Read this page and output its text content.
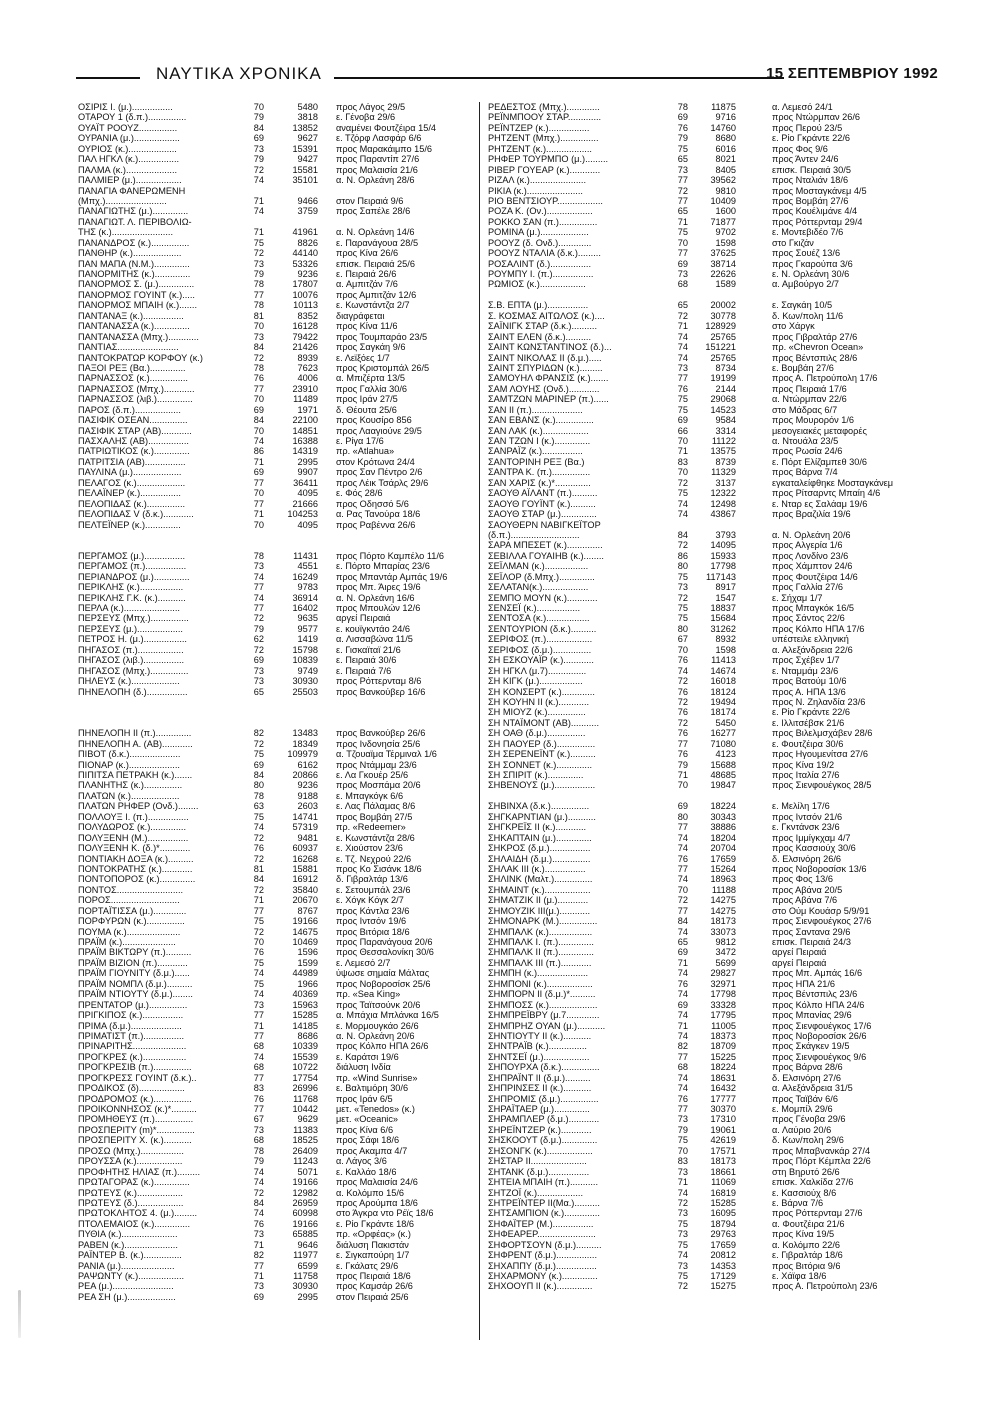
ΝΑΥΤΙΚΑ ΧΡΟΝΙΚΑ	15 ΣΕΠΤΕΜΒΡΙΟΥ 1992
ΟΣΙΡΙΣ Ι. (μ.)................	70	5480	προς Λάγος 29/5
ΟΤΑΡΟΥ 1 (δ.π.)...............	79	3818	ε. Γένοβα 29/6
ΟΥΑΪΤ ΡΟΟΥΖ...............	84	13852	αναμένει Φουτζέιρα 15/4
ΟΥΡΑΝΙΑ (μ.)..................	69	9627	ε. Τζόρφ Λασφάρ 6/6
ΟΥΡΙΟΣ (κ.)...................	73	15391	προς Μαρακάιμπο 15/6
ΠΑΛ ΗΓΚΛ (κ.)................	79	9427	προς Παραντίπ 27/6
ΠΑΛΜΑ (κ.)....................	72	15581	προς Μαλαισία 21/6
ΠΑΛΜΙΕΡ (μ.)..................	74	35101	α. Ν. Ορλεάνη 28/6
ΠΑΝΑΓΙΑ ΦΑΝΕΡΩΜΕΝΗ
(Μπχ.)........................	71	9466	στον Πειραιά 9/6
ΠΑΝΑΓΙΩΤΗΣ (μ.)..............	74	3759	προς Σαπέλε 28/6
ΠΑΝΑΓΙΩΤ. Λ. ΠΕΡΙΒΟΛΙΩ-
ΤΗΣ (κ.)........................	71	41961	α. Ν. Ορλεάνη 14/6
ΠΑΝΑΝΔΡΟΣ (κ.)...............	75	8826	ε. Παρανάγουα 28/5
ΠΑΝΘΗΡ (κ.)...................	72	44140	προς Κίνα 26/6
ΠΑΝ ΜΑΠΑ (Ν.Μ.)..............	73	53326	επισκ. Πειραιά 25/6
ΠΑΝΟΡΜΙΤΗΣ (κ.)..............	79	9236	ε. Πειραιά 26/6
ΠΑΝΟΡΜΟΣ Σ. (μ.)..............	78	17807	α. Αμπιτζάν 7/6
ΠΑΝΟΡΜΟΣ ΓΟΥΙΝΤ (κ.).....	77	10076	προς Αμπιτζάν 12/6
ΠΑΝΟΡΜΟΣ ΜΠΑΙΗ (κ.).......	78	10113	ε. Κωνστάντζα 2/7
ΠΑΝΤΑΝΑΞ (κ.)................	81	8352	διαγράφεται
ΠΑΝΤΑΝΑΣΣΑ (κ.)..............	70	16128	προς Κίνα 11/6
ΠΑΝΤΑΝΑΣΣΑ (Μπχ.)............	73	79422	προς Τουμπαράο 23/5
ΠΑΝΤΙΑΣ........................	84	21426	προς Σαγκάη 9/6
ΠΑΝΤΟΚΡΑΤΩΡ ΚΟΡΦΟΥ (κ.)	72	8939	ε. Λεϊξόες 1/7
ΠΑΞΟΙ ΡΕΞ (Βα.)..............	78	7623	προς Κριστομπάλ 26/5
ΠΑΡΝΑΣΣΟΣ (κ.)...............	76	4006	α. Μπιζέρτα 13/5
ΠΑΡΝΑΣΣΟΣ (Μπχ.)............	77	23910	προς Γαλλία 30/6
ΠΑΡΝΑΣΣΟΣ (λιβ.)..............	70	11489	προς Ιράν 27/5
ΠΑΡΟΣ (δ.π.)..................	69	1971	δ. Θέουτα 25/6
ΠΑΣΙΦΙΚ ΟΣΕΑΝ...............	84	22100	προς Κουσίρο 856
ΠΑΣΙΦΙΚ ΣΤΑΡ (ΑΒ)............	70	14851	προς Λααγιούνε 29/5
ΠΑΣΧΑΛΗΣ (ΑΒ)................	74	16388	ε. Ρίγα 17/6
ΠΑΤΡΙΩΤΙΚΟΣ (κ.)..............	86	14319	πρ. «Atlahua»
ΠΑΤΡΙΤΣΙΑ (ΑΒ)................	71	2995	στον Κρότωνα 24/4
ΠΑΥΛΙΝΑ (μ.)...................	69	9907	προς Σαν Πέντρο 2/6
ΠΕΛΑΓΟΣ (κ.)...................	77	36411	προς Λέικ Τσάρλς 29/6
ΠΕΛΑΪΝΕΡ (κ.)................	70	4095	ε. Φός 28/6
ΠΕΛΟΠΙΔΑΣ (κ.)...............	77	21666	προς Οδησσό 5/6
ΠΕΛΟΠΙΔΑΣ V (δ.κ.)............	71	104253	α. Ρας Τανούρα 18/6
ΠΕΛΤΕΪΝΕΡ (κ.)..............	70	4095	προς Ραβέννα 26/6
ΠΕΡΓΑΜΟΣ (μ.)................	78	11431	προς Πόρτο Καμπέλο 11/6
ΠΕΡΓΑΜΟΣ (π.)................	73	4551	ε. Πόρτο Μπαρίας 23/6
ΠΕΡΙΑΝΔΡΟΣ (μ.)..............	74	16249	προς Μπαντάρ Αμπάς 19/6
ΠΕΡΙΚΛΗΣ (κ.).................	77	9783	προς Μπ. Άιρες 19/6
ΠΕΡΙΚΛΗΣ Γ.Κ. (κ.)...........	74	36914	α. Ν. Ορλεάνη 16/6
ΠΕΡΛΑ (κ.)......................	77	16402	προς Μπουλών 12/6
ΠΕΡΣΕΥΣ (Μπχ.)...............	72	9635	αργεί Πειραιά
ΠΕΡΣΕΥΣ (μ.)..................	79	9577	ε. κουϊγκντάο 24/6
ΠΕΤΡΟΣ Η. (μ.).................	62	1419	α. Λισσαβώνα 11/5
ΠΗΓΑΣΟΣ (π.)..................	72	15798	ε. Γισκαϊταϊ 21/6
ΠΗΓΑΣΟΣ (λιβ.)................	69	10839	ε. Πειραιά 30/6
ΠΗΓΑΣΟΣ (Μπχ.)...............	73	9749	ε. Πειραιά 7/6
ΠΗΛΕΥΣ (κ.)...................	73	30930	προς Ρόττερνταμ 8/6
ΠΗΝΕΛΟΠΗ (δ.)................	65	25503	προς Βανκούβερ 16/6
ΠΗΝΕΛΟΠΗ ΙΙ (π.)..............	82	13483	προς Βανκούβερ 26/6
ΠΗΝΕΛΟΠΗ Α. (ΑΒ)............	72	18349	προς Ινδονησία 25/6
ΠΙΒΟΤ (δ.κ.)....................	75	109979	α. Τζουαϊμα Τέρμιναλ 1/6
ΠΙΟΝΑΡ (κ.)....................	69	6162	προς Ντάμμαμ 23/6
ΠΙΠΙΤΣΑ ΠΕΤΡΑΚΗ (κ.).......	84	20866	ε. Λα Γκουέρ 25/6
ΠΛΑΝΗΤΗΣ (κ.)...............	80	9236	προς Μοσπάμα 20/6
ΠΛΑΤΩΝ (κ.)...................	78	9188	ε. Μπαγκόγκ 6/6
ΠΛΑΤΩΝ ΡΗΦΕΡ (Ονδ.)........	63	2603	ε. Λας Πάλαμας 8/6
ΠΟΛΛΟΥΞ Ι. (π.)................	75	14741	προς Βομβάη 27/5
ΠΟΛΥΔΩΡΟΣ (κ.)..............	74	57319	πρ. «Redeemer»
ΠΟΛΥΞΕΝΗ (Μ.)................	72	9481	ε. Κωνστάντζα 28/6
ΠΟΛΥΞΕΝΗ Κ. (δ.)*............	76	60937	ε. Χιούστον 23/6
ΠΟΝΤΙΑΚΗ ΔΟΞΑ (κ.)..........	72	16268	ε. Τζ. Νεχρού 22/6
ΠΟΝΤΟΚΡΑΤΗΣ (κ.)............	81	15881	προς Κο Σισάνκ 18/6
ΠΟΝΤΟΠΟΡΟΣ (κ.)..............	84	16912	δ. Γιβραλτάρ 13/6
ΠΟΝΤΟΣ..........................	72	35840	ε. Σετουμπάλ 23/6
ΠΟΡΟΣ...........................	71	20670	ε. Χόγκ Κόγκ 2/7
ΠΟΡΤΑΪΤΙΣΣΑ (μ.).............	77	8767	προς Κάντλα 23/6
ΠΟΡΦΥΡΩΝ (κ.)...............	75	19166	προς Ιντσόν 19/6
ΠΟΥΜΑ (κ.).....................	72	14675	προς Βιτόρια 18/6
ΠΡΑΪΜ (κ.).....................	70	10469	προς Παρανάγουα 20/6
ΠΡΑΪΜ ΒΙΚΤΩΡΥ (π.)..........	76	1596	προς Θεσσαλονίκη 30/6
ΠΡΑΪΜ ΒΙΖΙΟΝ (π.)............	75	1599	ε. Λεμεσό 2/7
ΠΡΑΪΜ ΓΙΟΥΝΙΤΥ (δ.μ.)......	74	44989	ύψωσε σημαία Μάλτας
ΠΡΑΪΜ ΝΟΜΠΛ (δ.μ.)..........	75	1966	προς Νοβοροσίσκ 25/6
ΠΡΑΪΜ ΝΤΙΟΥΤΥ (δ.μ.)........	74	40369	πρ. «Sea King»
ΠΡΕΝΤΑΤΟΡ (μ.)...............	73	15963	προς Ταϊτσούνκ 20/6
ΠΡΙΓΚΙΠΟΣ (κ.)................	77	15285	α. Μπάχια Μπλάνκα 16/5
ΠΡΙΜΑ (δ.μ.)....................	71	14185	ε. Μορμουγκάο 26/6
ΠΡΙΜΑΤΙΣΤ (π.)................	77	8686	α. Ν. Ορλεάνη 20/6
ΠΡΙΝΑΡΙΤΗΣ.....................	68	10339	προς Κόλπο ΗΠΑ 26/6
ΠΡΟΓΚΡΕΣ (κ.).................	74	15539	ε. Καράτσι 19/6
ΠΡΟΓΚΡΕΣΙΒ (π.)...............	68	10722	διάλυση Ινδία
ΠΡΟΓΚΡΕΣΣ ΓΟΥΙΝΤ (δ.κ.)..	77	17754	πρ. «Wind Sunrise»
ΠΡΟΔΙΚΟΣ (δ)..................	83	26996	ε. Βαλτιμόρη 30/6
ΠΡΟΔΡΟΜΟΣ (κ.)...............	76	11768	προς Ιράν 6/5
ΠΡΟΙΚΟΝΝΗΣΟΣ (κ.)*..........	77	10442	μετ. «Tenedos» (κ.)
ΠΡΟΜΗΘΕΥΣ (π.)...............	67	9629	μετ. «Oceanic»
ΠΡΟΣΠΕΡΙΤΥ (m)*...............	73	11383	προς Κίνα 6/6
ΠΡΟΣΠΕΡΙΤΥ Χ. (κ.)...........	68	18525	προς Σάφι 18/6
ΠΡΟΣΩ (Μπχ.).................	78	26409	προς Ακαμπα 4/7
ΠΡΟΥΣΣΑ (κ.)..................	79	11243	α. Λάγος 3/6
ΠΡΟΦΗΤΗΣ ΗΛΙΑΣ (π.).........	74	5071	ε. Καλλάο 18/6
ΠΡΩΤΑΓΟΡΑΣ (κ.)..............	74	19166	προς Μαλαισία 24/6
ΠΡΩΤΕΥΣ (κ.)..................	72	12982	α. Κολόμπο 15/6
ΠΡΩΤΕΥΣ (δ.)..................	84	26959	προς Αρούμπα 18/6
ΠΡΩΤΟΚΛΗΤΟΣ 4. (μ.).........	74	60998	στο Άγκρα ντο Ρέϊς 18/6
ΠΤΟΛΕΜΑΙΟΣ (κ.)..............	76	19166	ε. Ρίο Γκράντε 18/6
ΠΥΘΙΑ (κ.)......................	73	65885	πρ. «Ορφέας» (κ.)
ΡΑΒΕΝ (κ.).....................	71	9646	διάλυση Πακιστάν
ΡΑΪΝΤΕΡ Β. (κ.)...............	82	11977	ε. Σιγκαπούρη 1/7
ΡΑΝΙΑ (μ.).....................	77	6599	ε. Γκάλατς 29/6
ΡΑΨΩΝΤΥ (κ.)..................	71	11758	προς Πειραιά 18/6
ΡΕΑ (μ.)........................	73	30930	προς Καμσάρ 26/6
ΡΕΑ ΣΗ (μ.)...................	69	2995	στον Πειραιά 25/6
ΡΕΔΕΣΤΟΣ (Μπχ.).............	78	11875	α. Λεμεσό 24/1
ΡΕΪΝΜΠΟΟΥ ΣΤΑΡ.............	69	9716	προς Ντώρμπαν 26/6
ΡΕΪΝΤΖΕΡ (κ.)................	76	14760	προς Περού 23/5
ΡΗΤΖΕΝΤ (Μπχ.)...............	79	8680	ε. Ρίο Γκράντε 22/6
ΡΗΤΖΕΝΤ (κ.)..................	75	6016	προς Φος 9/6
ΡΗΦΕΡ ΤΟΥΡΜΠΟ (μ.).........	65	8021	προς Άντεν 24/6
ΡΙΒΕΡ ΓΟΥΕΑΡ (κ.)............	73	8405	επισκ. Πειραιά 30/5
ΡΙΖΑΛ (κ.)......................	77	39562	προς Νταλιάν 18/6
ΡΙΚΙΑ (κ.)......................	72	9810	προς Μοσταγκάνεμ 4/5
ΡΙΟ ΒΕΝΤΣΙΟΥΡ..................	77	10409	προς Βομβάη 27/6
ΡΟΖΑ Κ. (Ον.)..................	65	1600	προς Κουέλιμάνε 4/4
ΡΟΚΚΟ ΣΑΝ (π.)...............	71	71877	προς Ρόττερνταμ 29/4
ΡΟΜΙΝΑ (μ.)...................	75	9702	ε. Μοντεβιδέο 7/6
ΡΟΟΥΖ (δ. Ονδ.).............	70	1598	στο Γκιζάν
ΡΟΟΥΖ ΝΤΑΛΙΑ (δ.κ.).........	77	37625	προς Σουέζ 13/6
ΡΟΣΑΛΙΝΤ (δ.)................	69	38714	προς Γκαρούπα 3/6
ΡΟΥΜΠΥ Ι. (π.)................	73	22626	ε. Ν. Ορλεάνη 30/6
ΡΩΜΙΟΣ (κ.)..................	68	1589	α. Αμβούργο 2/7
Σ.Β. ΕΠΤΑ (μ.)................	65	20002	ε. Σαγκάη 10/5
Σ. ΚΟΣΜΑΣ ΑΙΤΩΛΟΣ (κ.)....	72	30778	δ. Κων/πολη 11/6
ΣΑΪΝΙΓΚ ΣΤΑΡ (δ.κ.)..........	71	128929	στο Χάργκ
ΣΑΙΝΤ ΕΛΕΝ (δ.κ.)..........	74	25765	προς Γιβραλτάρ 27/6
ΣΑΙΝΤ ΚΩΝΣΤΑΝΤΙΝΟΣ (δ.)...	74	151221	πρ. «Chevron Ocean»
ΣΑΙΝΤ ΝΙΚΟΛΑΣ ΙΙ (δ.μ.).....	74	25765	προς Βέντσπιλς 28/6
ΣΑΙΝΤ ΣΠΥΡΙΔΩΝ (κ.).........	73	8734	ε. Βομβάη 27/6
ΣΑΜΟΥΗΛ ΦΡΑΝΣΙΣ (κ.).......	77	19199	προς Α. Πετρούπολη 17/6
ΣΑΜ ΛΟΥΗΣ (Ονδ.)............	76	2144	προς Πειραιά 17/6
ΣΑΜΤΖΩΝ ΜΑΡΙΝΕΡ (π.)......	75	29068	α. Ντώρμπαν 22/6
ΣΑΝ ΙΙ (π.)....................	75	14523	στο Μάδρας 6/7
ΣΑΝ ΕΒΑΝΣ (κ.)...............	69	9584	προς Μουρορόν 1/6
ΣΑΝ ΛΑΚ (κ.)..................	66	3314	μεσογειακές μεταφορές
ΣΑΝ ΤΖΩΝ Ι (κ.)..............	70	11122	α. Ντουάλα 23/5
ΣΑΝΡΑΪΖ (κ.)................	71	13575	προς Ρωσία 24/6
ΣΑΝΤΟΡΙΝΗ ΡΕΞ (Βα.)	83	8739	ε. Πόρτ Ελίζαμπεθ 30/6
ΣΑΝΤΡΑ Κ. (π.)...............	70	11329	προς Βάρνα 7/4
ΣΑΝ ΧΑΡΙΣ (κ.)*..............	72	3137	εγκαταλείφθηκε Μοσταγκάνεμ
ΣΑΟΥΘ ΑΪΛΑΝΤ (π.)..........	75	12322	προς Ρίτσαρντς Μπαίη 4/6
ΣΑΟΥΘ ΓΟΥΪΝΤ (κ.)..........	74	12498	ε. Νταρ ες Σαλάαμ 19/6
ΣΑΟΥΘ ΣΤΑΡ (μ.)..............	74	43867	προς Βραζιλία 19/6
ΣΑΟΥΘΕΡΝ ΝΑΒΙΓΚΕΪΤΟΡ
(δ.π.)...........................	84	3793	α. Ν. Ορλεάνη 20/6
ΣΑΡΑ ΜΠΕΣΕΤ (κ.)..............	72	14095	προς Αλγερία 1/6
ΣΕΒΙΛΛΑ ΓΟΥΑΙΗΒ (κ.)........	86	15933	προς Λονδίνο 23/6
ΣΕΪΛΜΑΝ (κ.).................	80	17798	προς Χάμπτον 24/6
ΣΕΪΛΟΡ (δ.Μπχ.)..............	75	117143	προς Φουτζέιρα 14/6
ΣΕΛΑΤΑΝ(κ.)..................	73	8917	προς Γαλλία 27/6
ΣΕΜΠΟ ΜΟΥΝ (κ.)............	72	1547	ε. Σήχαμ 1/7
ΣΕΝΣΕΪ (κ.).................	75	18837	προς Μπαγκόκ 16/5
ΣΕΝΤΟΣΑ (κ.).................	75	15684	προς Σάντος 22/6
ΣΕΝΤΟΥΡΙΟΝ (δ.κ.)..........	80	31262	προς Κόλπο ΗΠΑ 17/6
ΣΕΡΙΦΟΣ (π.)..................	67	8932	υπέστειλε ελληνική
ΣΕΡΙΦΟΣ (δ.μ.)...............	70	1598	α. Αλεξάνδρεια 22/6
ΣΗ ΕΣΚΟΥΑΪΡ (κ.)............	76	11413	προς Σχέβεν 1/7
ΣΗ ΗΓΚΛ (μ.7)...............	74	14674	ε. Νταμμάμ 23/6
ΣΗ ΚΙΓΚ (μ.).................	72	16018	προς Βατούμ 10/6
ΣΗ ΚΟΝΣΕΡΤ (κ.).............	76	18124	προς Α. ΗΠΑ 13/6
ΣΗ ΚΟΥΗΝ ΙΙ (κ.)............	72	19494	προς Ν. Ζηλανδία 23/6
ΣΗ ΜΙΟΥΖ (κ.)...............	76	18174	ε. Ρίο Γκράντε 22/6
ΣΗ ΝΤΑΪΜΟΝΤ (ΑΒ)...........	72	5450	ε. Ιλλιτσέβσκ 21/6
ΣΗ ΟΑΘ (δ.μ.)...............	76	16277	προς Βιλελμσχάβεν 28/6
ΣΗ ΠΑΟΥΕΡ (δ.)...............	77	71080	ε. Φουτζέιρα 30/6
ΣΗ ΣΕΡΕΝΕΪΝΤ (κ.)..........	76	4123	προς Ηγουμενίτσα 27/6
ΣΗ ΣΟΝΝΕΤ (κ.)..............	79	15688	προς Κίνα 19/2
ΣΗ ΣΠΙΡΙΤ (κ.)..............	71	48685	προς Ιταλία 27/6
ΣΗΒΕΝΟΥΣ (μ.)................	70	19847	προς Σιενφουέγκος 28/5
ΣΗΒΙΝΧΑ (δ.κ.)...............	69	18224	ε. Μελίλη 17/6
ΣΗΓΚΑΡΝΤΙΑΝ (μ.)...........	80	30343	προς Ιντσόν 21/6
ΣΗΓΚΡΕΪΣ ΙΙ (κ.)............	77	38886	ε. Γκντάνσκ 23/6
ΣΗΚΑΠΤΑΙΝ (μ.)..............	74	18204	προς Ιμμίγκχαμ 4/7
ΣΗΚΡΟΣ (δ.μ.)................	74	20704	προς Κασσιούχ 30/6
ΣΗΛΑΙΔΗ (δ.μ.)...............	76	17659	δ. Ελσινόρη 26/6
ΣΗΛΑΚ ΙΙΙ (κ.)................	77	15264	προς Νοβοροσίσκ 13/6
ΣΗΛΙΝΚ (Μαλτ.)...............	74	18963	προς Φος 13/6
ΣΗΜΑΙΝΤ (κ.)..................	70	11188	προς Αβάνα 20/5
ΣΗΜΑΤΖΙΚ ΙΙ (μ.)............	72	14275	προς Αβάνα 7/6
ΣΗΜΟΥΖΙΚ ΙΙΙ(μ.)............	77	14275	στο Ούμ Κουάσρ 5/9/91
ΣΗΜΟΝΑΡΚ (Μ.)...............	84	18173	προς Σιενφουέγκος 27/6
ΣΗΜΠΑΛΚ (κ.).................	74	33073	προς Σαντανα 29/6
ΣΗΜΠΑΛΚ Ι. (π.)..............	65	9812	επισκ. Πειραιά 24/3
ΣΗΜΠΑΛΚ ΙΙ (π.)..............	69	3472	αργεί Πειραιά
ΣΗΜΠΑΛΚ ΙΙΙ (π.)............	71	5699	αργεί Πειραιά
ΣΗΜΠΗ (κ.)....................	74	29827	προς Μπ. Αμπάς 16/6
ΣΗΜΠΟΝΙ (κ.)..................	76	32971	προς ΗΠΑ 21/6
ΣΗΜΠΟΡΝ ΙΙ (δ.μ.)*..........	74	17798	προς Βέντσπιλς 23/6
ΣΗΜΠΟΣΣ (κ.)...................	69	33328	προς Κόλπο ΗΠΑ 24/6
ΣΗΜΠΡΕΪΒΡΥ (μ.7.............	74	17795	προς Μπανίας 29/6
ΣΗΜΠΡΗΖ ΟΥΑΝ (μ.)...........	71	11005	προς Σιενφουέγκος 17/6
ΣΗΝΤΙΟΥΤΥ ΙΙ (κ.)...........	74	18373	προς Νοβοροσίσκ 26/6
ΣΗΝΤΡΑΪΒ (κ.)...............	82	18709	προς Σκάγκεν 19/5
ΣΗΝΤΣΕΪ (μ.)..................	77	15225	προς Σιενφουέγκος 9/6
ΣΗΠΟΥΡΧΑ (δ.κ.)...............	68	18224	προς Βάρνα 28/6
ΣΗΠΡΑΪΝΤ ΙΙ (δ.μ.)..........	74	18631	δ. Ελσινόρη 27/6
ΣΗΠΡΙΝΣΕΣ ΙΙ (κ.)...........	74	16432	α. Αλεξάνδρεια 31/5
ΣΗΠΡΟΜΙΣ (δ.μ.)...............	76	17777	προς Ταϊβάν 6/6
ΣΗΡΑΪΤΑΕΡ (μ.)..............	77	30370	ε. Μομπίλ 29/6
ΣΗΡΑΜΠΛΕΡ (δ.μ.)............	73	17310	προς Γένοβα 29/6
ΣΗΡΕΪΝΤΖΕΡ (κ.)............	79	19061	α. Λαύριο 20/6
ΣΗΣΚΟΟΥΤ (δ.μ.)..............	75	42619	δ. Κων/πολη 29/6
ΣΗΣΟΝΓΚ (κ.)..................	70	17571	προς Μπαβνανκάρ 27/4
ΣΗΣΤΑΡ ΙΙ......................	83	18173	προς Πόρτ Κέμπλα 22/6
ΣΗΤΑΝΚ (δ.μ.)................	73	18661	στη Βηρυτό 26/6
ΣΗΤΕΙΑ ΜΠΑΙΗ (π.)...........	71	11069	επισκ. Χαλκίδα 27/6
ΣΗΤΖΟΪ (κ.)..................	74	16819	ε. Κασσιούχ 8/6
ΣΗΤΡΕΪΝΤΕΡ ΙΙ(Μα.)..........	72	15285	ε. Βάρνα 7/6
ΣΗΤΣΑΜΠΙΟΝ (κ.)..............	73	16095	προς Ρόττερνταμ 27/6
ΣΗΦΑΪΤΕΡ (Μ.)................	75	18794	α. Φουτζέιρα 21/6
ΣΗΦΕΑΡΕΡ.......................	73	29763	προς Κίνα 19/5
ΣΗΦΟΡΤΣΟΥΝ (δ.μ.)..........	75	17659	α. Κολόμπο 22/6
ΣΗΦΡΕΝΤ (δ.μ.)................	74	20812	ε. Γιβραλτάρ 18/6
ΣΗΧΑΠΠΥ (δ.μ.)................	73	14353	προς Βιτόρια 9/6
ΣΗΧΑΡΜΟΝΥ (κ.)..............	75	17129	ε. Χάϊφα 18/6
ΣΗΧΟΟΥΠ ΙΙ (κ.)..............	72	15275	προς Α. Πετρούπολη 23/6
